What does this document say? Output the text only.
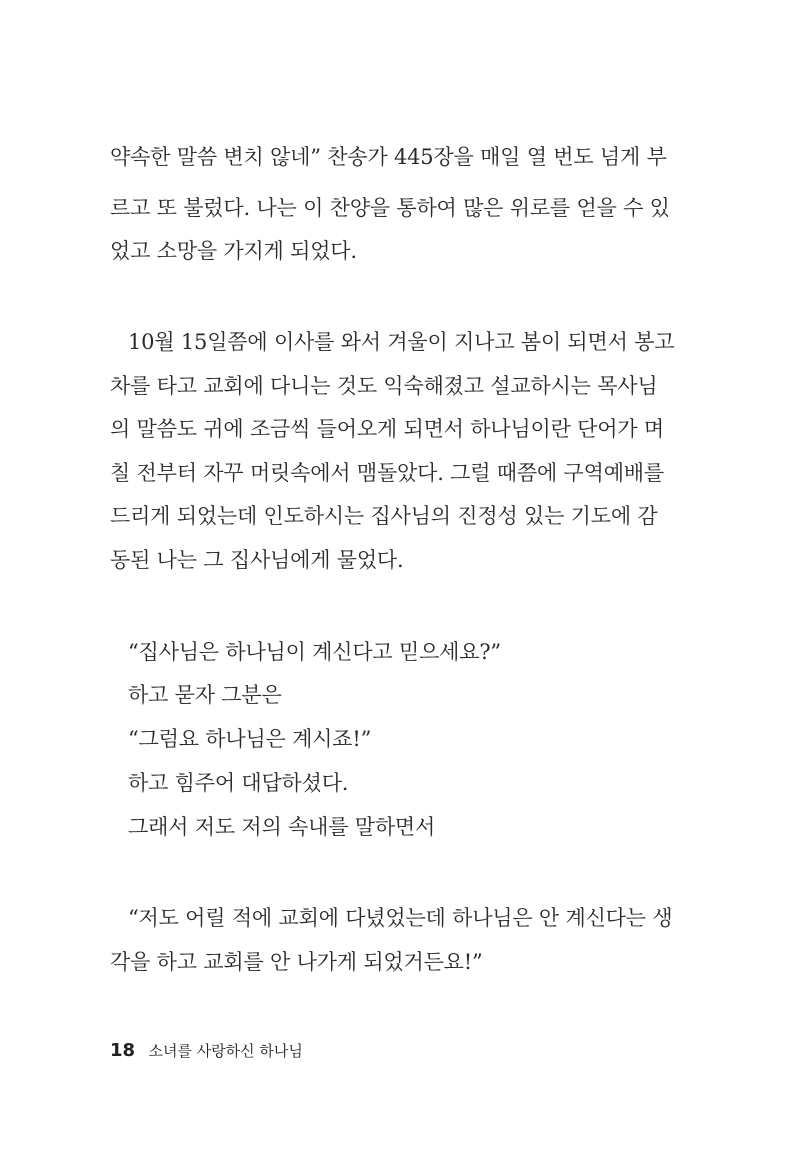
약속한 말씀 변치 않네” 찬송가 445장을 매일 열 번도 넘게 부
르고 또 불렀다. 나는 이 찬양을 통하여 많은 위로를 얻을 수 있
었고 소망을 가지게 되었다.
10월 15일쯤에 이사를 와서 겨울이 지나고 봄이 되면서 봉고
차를 타고 교회에 다니는 것도 익숙해졌고 설교하시는 목사님
의 말씀도 귀에 조금씩 들어오게 되면서 하나님이란 단어가 며
칠 전부터 자꾸 머릿속에서 맴돌았다. 그럴 때쯤에 구역예배를
드리게 되었는데 인도하시는 집사님의 진정성 있는 기도에 감
동된 나는 그 집사님에게 물었다.
“집사님은 하나님이 계신다고 믿으세요?”
하고 묻자 그분은
“그럼요 하나님은 계시죠!”
하고 힘주어 대답하셨다.
그래서 저도 저의 속내를 말하면서
“저도 어릴 적에 교회에 다녔었는데 하나님은 안 계신다는 생
각을 하고 교회를 안 나가게 되었거든요!”
18 소녀를 사랑하신 하나님
